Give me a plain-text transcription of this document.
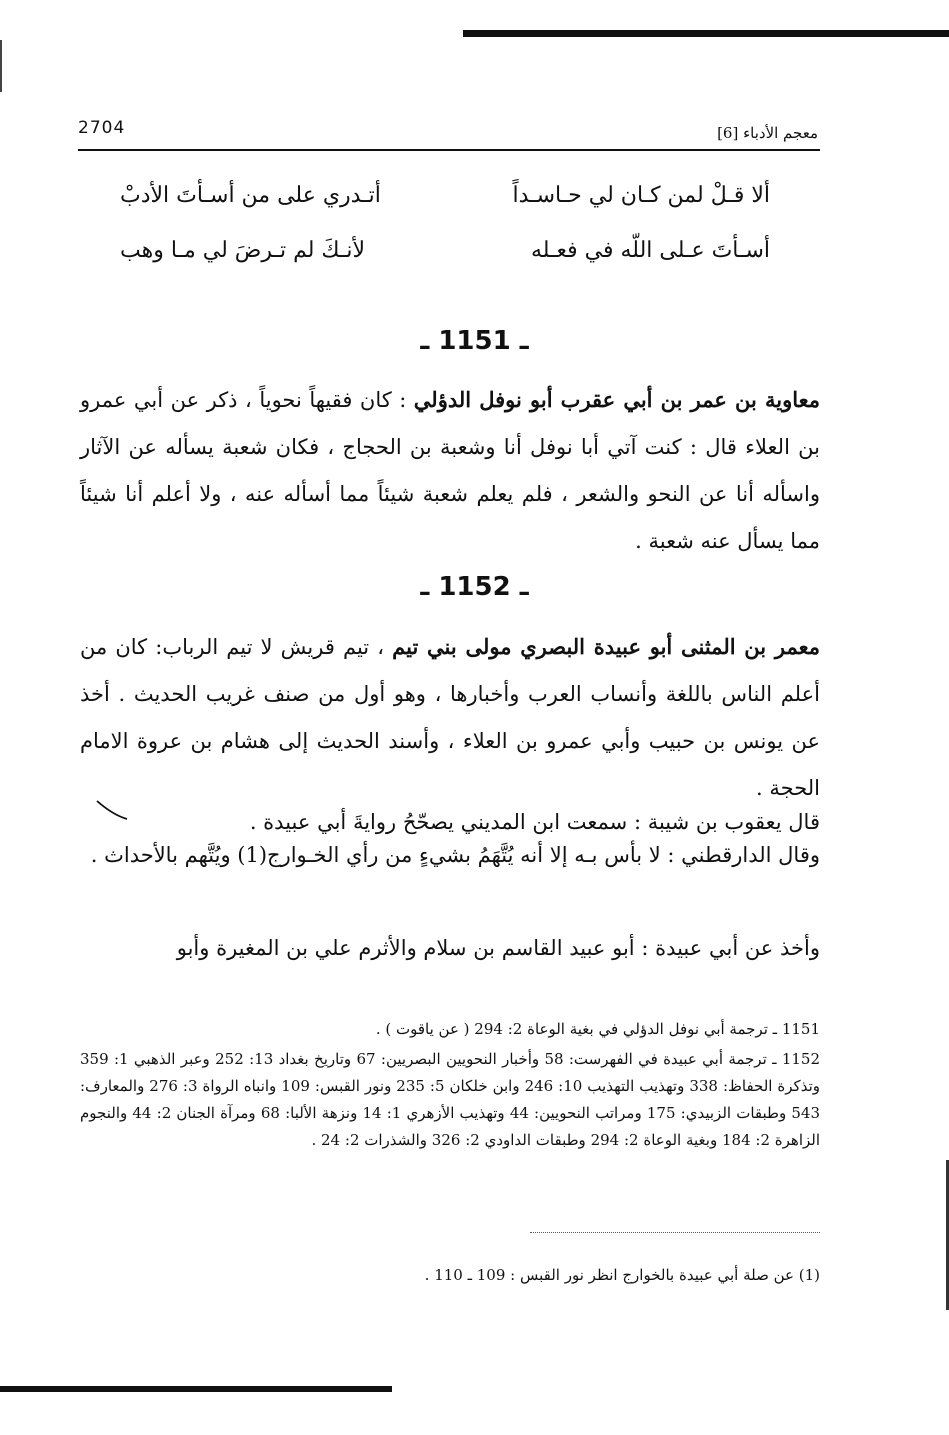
2704	معجم الأدباء [6]
ألا قـلْ لمن كـان لي حـاسـداً
أتـدري على من أسـأتَ الأدبْ
أسـأتَ عـلى اللّه في فعـله
لأنـكَ لم تـرضَ لي مـا وهب
ـ 1151 ـ

معاوية بن عمر بن أبي عقرب أبو نوفل الدؤلي : كان فقيهاً نحوياً ، ذكر عن أبي عمرو بن العلاء قال : كنت آتي أبا نوفل أنا وشعبة بن الحجاج ، فكان شعبة يسأله عن الآثار واسأله أنا عن النحو والشعر ، فلم يعلم شعبة شيئاً مما أسأله عنه ، ولا أعلم أنا شيئاً مما يسأل عنه شعبة .

ـ 1152 ـ

معمر بن المثنى أبو عبيدة البصري مولى بني تيم ، تيم قريش لا تيم الرباب: كان من أعلم الناس باللغة وأنساب العرب وأخبارها ، وهو أول من صنف غريب الحديث . أخذ عن يونس بن حبيب وأبي عمرو بن العلاء ، وأسند الحديث إلى هشام بن عروة الامام الحجة .

قال يعقوب بن شيبة : سمعت ابن المديني يصحّحُ روايةَ أبي عبيدة .

وقال الدارقطني : لا بأس بـه إلا أنه يُتَّهَمُ بشيءٍ من رأي الخـوارج(1) ويُتَّهم بالأحداث .

وأخذ عن أبي عبيدة : أبو عبيد القاسم بن سلام والأثرم علي بن المغيرة وأبو

1151 ـ ترجمة أبي نوفل الدؤلي في بغية الوعاة 2: 294 ( عن ياقوت ) .

1152 ـ ترجمة أبي عبيدة في الفهرست: 58 وأخبار النحويين البصريين: 67 وتاريخ بغداد 13: 252 وعبر الذهبي 1: 359 وتذكرة الحفاظ: 338 وتهذيب التهذيب 10: 246 وابن خلكان 5: 235 ونور القبس: 109 وانباه الرواة 3: 276 والمعارف: 543 وطبقات الزبيدي: 175 ومراتب النحويين: 44 وتهذيب الأزهري 1: 14 ونزهة الألبا: 68 ومرآة الجنان 2: 44 والنجوم الزاهرة 2: 184 وبغية الوعاة 2: 294 وطبقات الداودي 2: 326 والشذرات 2: 24 .

(1) عن صلة أبي عبيدة بالخوارج انظر نور القبس : 109 ـ 110 .
